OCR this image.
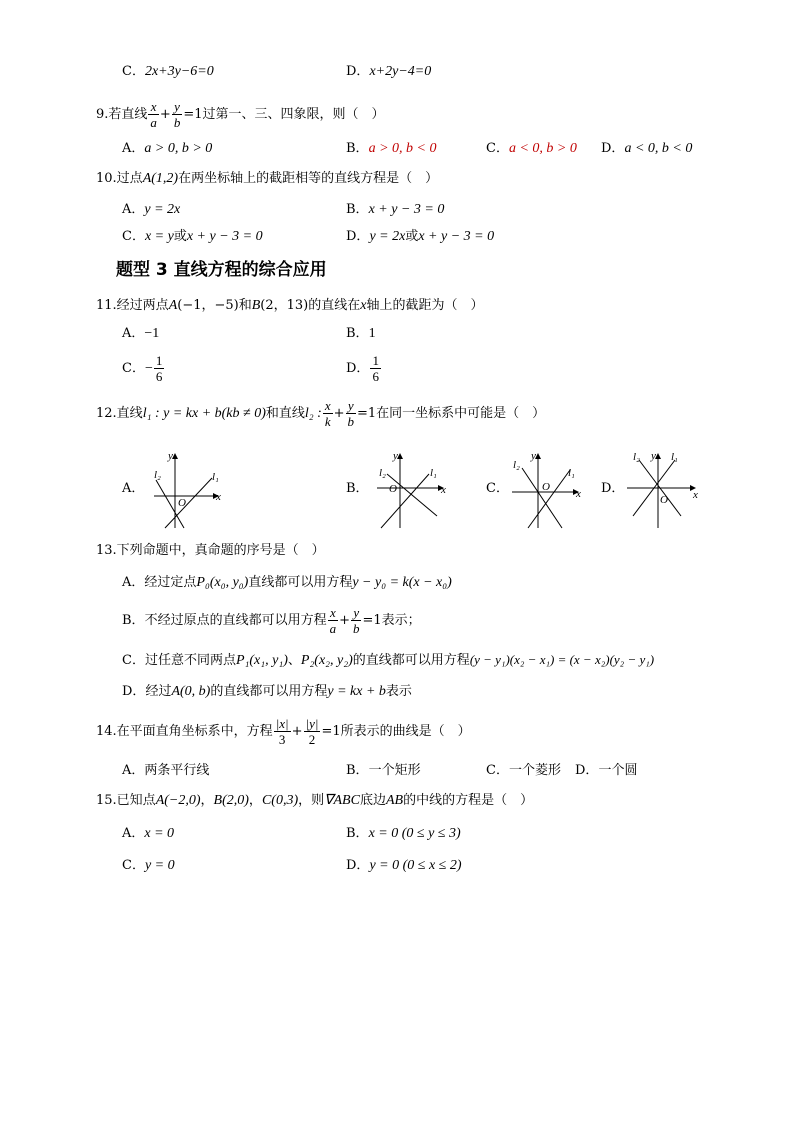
C．2x+3y−6=0	D．x+2y−4=0
9.若直线 $\frac{x}{a} + \frac{y}{b} =1$过第一、三、四象限，则（　）
A．a > 0, b > 0	B．a > 0, b < 0	C．a < 0, b > 0 D．a < 0, b < 0
10.过点A(1,2)在两坐标轴上的截距相等的直线方程是（　）
A．y = 2x	B．x + y − 3 = 0
C．x = y或x + y − 3 = 0	D．y = 2x或x + y − 3 = 0
题型 3 直线方程的综合应用
11.经过两点A(−1，−5)和B(2，13)的直线在x轴上的截距为（　）
A．−1	B．1
C．− $\frac{1}{6}$	D． $\frac{1}{6}$
12.直线l₁ : y = kx + b(kb ≠ 0)和直线l₂ : $\frac{x}{k} + \frac{y}{b} =1$在同一坐标系中可能是（　）
A．	B．	C．	D．
y
x
O
l₁
l₂
y
x
O
l₁
l₂
y
x
O
l₁
l₂
y
x
O
l₁
l₂
13.下列命题中，真命题的序号是（　）
A．经过定点P₀(x₀, y₀)直线都可以用方程y − y₀ = k(x − x₀)
B．不经过原点的直线都可以用方程 $\frac{x}{a} + \frac{y}{b} =1$表示；
C．过任意不同两点P₁(x₁, y₁)、P₂(x₂, y₂)的直线都可以用方程(y − y₁)(x₂ − x₁) = (x − x₂)(y₂ − y₁)
D．经过A(0, b)的直线都可以用方程y = kx + b表示
14.在平面直角坐标系中，方程 $\frac{|x|}{3} + \frac{|y|}{2} =1$所表示的曲线是（　）
A．两条平行线	B．一个矩形	C．一个菱形 D．一个圆
15.已知点A(−2,0)，B(2,0)，C(0,3)，则∇ABC底边AB的中线的方程是（　）
A．x = 0	B．x = 0 (0 ≤ y ≤ 3)
C．y = 0	D．y = 0 (0 ≤ x ≤ 2)
